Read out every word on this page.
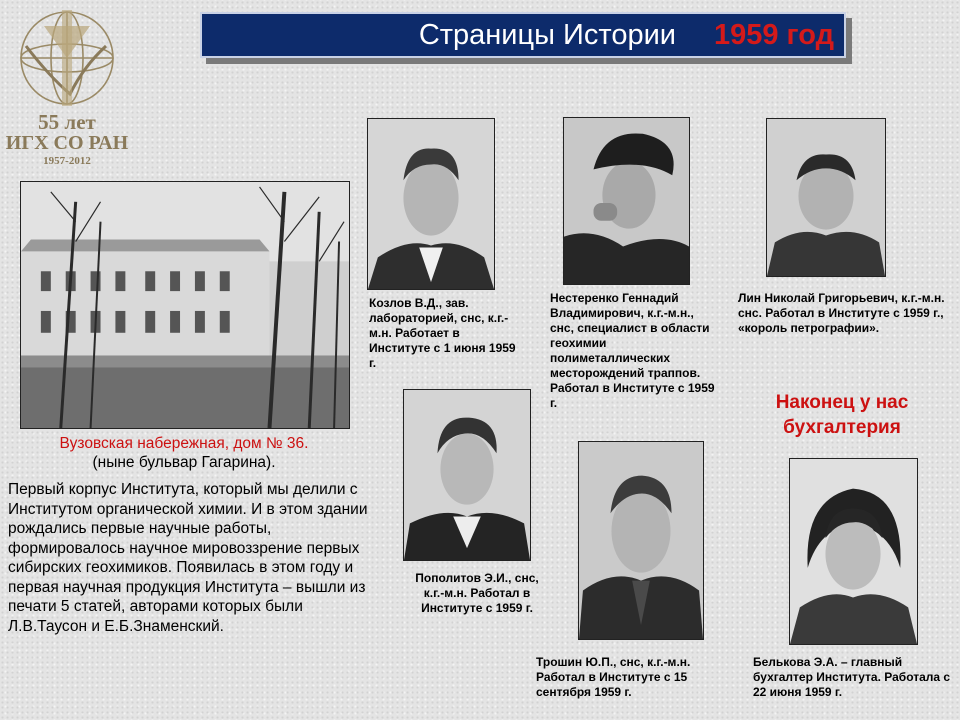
Страницы Истории 1959 год
55 лет
ИГХ СО РАН
1957-2012
Вузовская набережная, дом № 36.
(ныне бульвар Гагарина).
Первый корпус Института, который мы делили с Институтом органической химии. И в этом здании рождались первые научные работы, формировалось научное мировоззрение первых сибирских геохимиков. Появилась в этом году и первая научная продукция Института – вышли из печати 5 статей, авторами которых были Л.В.Таусон и Е.Б.Знаменский.
Козлов В.Д., зав. лабораторией, снс, к.г.-м.н. Работает в Институте с 1 июня 1959 г.
Нестеренко Геннадий Владимирович, к.г.-м.н., снс, специалист в области геохимии полиметаллических месторождений траппов. Работал в Институте с 1959 г.
Лин Николай Григорьевич, к.г.-м.н. снс. Работал в Институте с 1959 г., «король петрографии».
Пополитов Э.И., снс, к.г.-м.н. Работал в Институте с 1959 г.
Трошин Ю.П., снс, к.г.-м.н. Работал в Институте с 15 сентября 1959 г.
Белькова Э.А. – главный бухгалтер Института. Работала с 22 июня 1959 г.
Наконец у нас бухгалтерия
